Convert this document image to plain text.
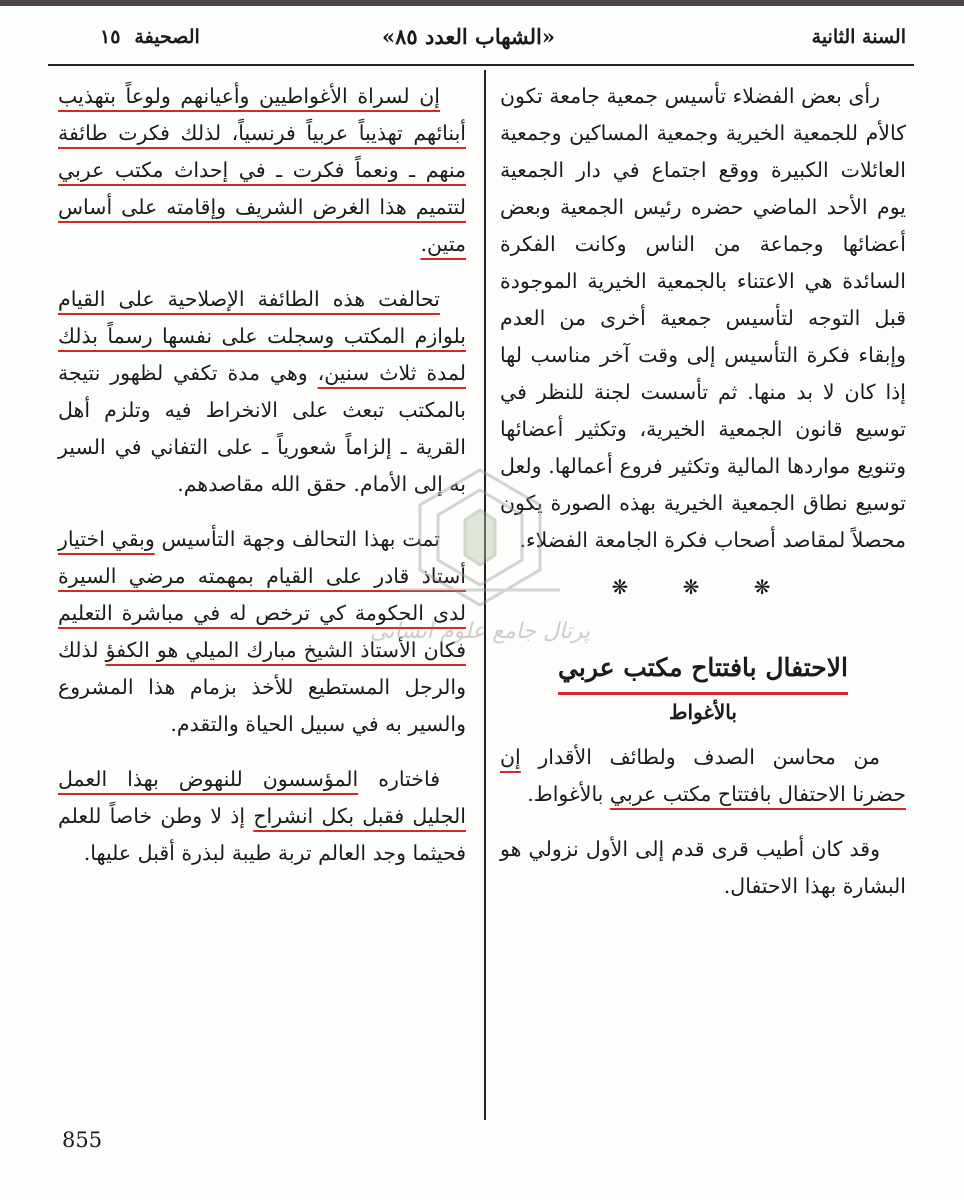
السنة الثانية
«الشهاب العدد ٨٥»
الصحيفة١٥

رأى بعض الفضلاء تأسيس جمعية جامعة تكون كالأم للجمعية الخيرية وجمعية المساكين وجمعية العائلات الكبيرة ووقع اجتماع في دار الجمعية يوم الأحد الماضي حضره رئيس الجمعية وبعض أعضائها وجماعة من الناس وكانت الفكرة السائدة هي الاعتناء بالجمعية الخيرية الموجودة قبل التوجه لتأسيس جمعية أخرى من العدم وإبقاء فكرة التأسيس إلى وقت آخر مناسب لها إذا كان لا بد منها. ثم تأسست لجنة للنظر في توسيع قانون الجمعية الخيرية، وتكثير أعضائها وتنويع مواردها المالية وتكثير فروع أعمالها. ولعل توسيع نطاق الجمعية الخيرية بهذه الصورة يكون محصلاً لمقاصد أصحاب فكرة الجامعة الفضلاء.

❋ ❋ ❋
الاحتفال بافتتاح مكتب عربي
بالأغواط

من محاسن الصدف ولطائف الأقدار إن حضرنا الاحتفال بافتتاح مكتب عربي بالأغواط.

وقد كان أطيب قرى قدم إلى الأول نزولي هو البشارة بهذا الاحتفال.

إن لسراة الأغواطيين وأعيانهم ولوعاً بتهذيب أبنائهم تهذيباً عربياً فرنسياً، لذلك فكرت طائفة منهم ـ ونعماً فكرت ـ في إحداث مكتب عربي لتتميم هذا الغرض الشريف وإقامته على أساس متين.

تحالفت هذه الطائفة الإصلاحية على القيام بلوازم المكتب وسجلت على نفسها رسماً بذلك لمدة ثلاث سنين، وهي مدة تكفي لظهور نتيجة بالمكتب تبعث على الانخراط فيه وتلزم أهل القرية ـ إلزاماً شعورياً ـ على التفاني في السير به إلى الأمام. حقق الله مقاصدهم.

تمت بهذا التحالف وجهة التأسيس وبقي اختيار أستاذ قادر على القيام بمهمته مرضي السيرة لدى الحكومة كي ترخص له في مباشرة التعليم فكان الأستاذ الشيخ مبارك الميلي هو الكفؤ لذلك والرجل المستطيع للأخذ بزمام هذا المشروع والسير به في سبيل الحياة والتقدم.

فاختاره المؤسسون للنهوض بهذا العمل الجليل فقبل بكل انشراح إذ لا وطن خاصاً للعلم فحيثما وجد العالم تربة طيبة لبذرة أقبل عليها.

پرتال جامع علوم انسانی
855
